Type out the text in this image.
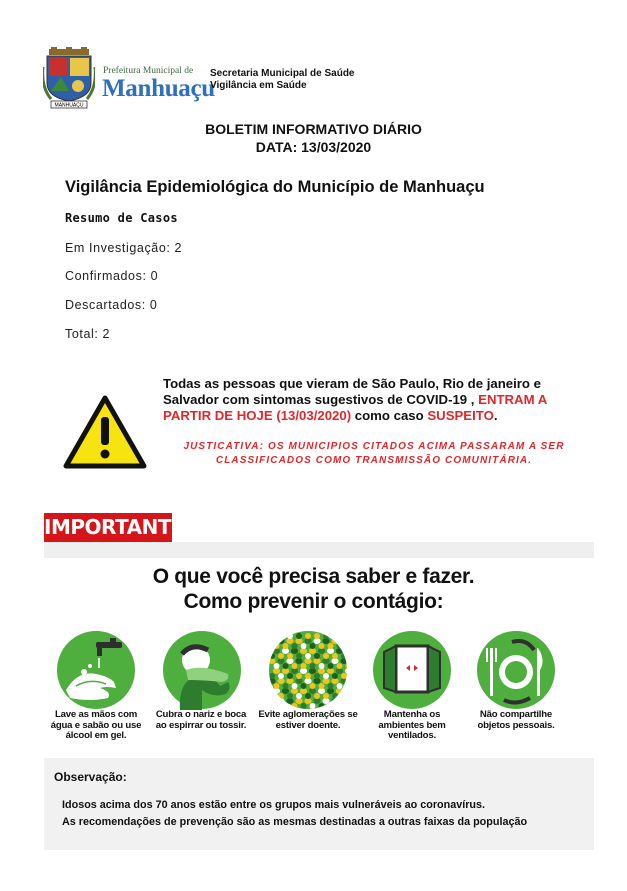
MANHUAÇU
Prefeitura Municipal de
Manhuaçu
Secretaria Municipal de Saúde
Vigilância em Saúde
BOLETIM INFORMATIVO DIÁRIO
DATA: 13/03/2020
Vigilância Epidemiológica do Município de Manhuaçu
Resumo de Casos
Em Investigação: 2
Confirmados: 0
Descartados: 0
Total: 2
Todas as pessoas que vieram de São Paulo, Rio de janeiro e Salvador com sintomas sugestivos de COVID-19 , ENTRAM A PARTIR DE HOJE (13/03/2020) como caso SUSPEITO.
JUSTICATIVA: OS MUNICIPIOS CITADOS ACIMA PASSARAM A SER CLASSIFICADOS COMO TRANSMISSÃO COMUNITÁRIA.
IMPORTANTE
O que você precisa saber e fazer.
Como prevenir o contágio:
Lave as mãos com
água e sabão ou use
álcool em gel.
Cubra o nariz e boca
ao espirrar ou tossir.
Evite aglomerações se
estiver doente.
Mantenha os
ambientes bem
ventilados.
Não compartilhe
objetos pessoais.
Observação:
Idosos acima dos 70 anos estão entre os grupos mais vulneráveis ao coronavírus.
As recomendações de prevenção são as mesmas destinadas a outras faixas da população
